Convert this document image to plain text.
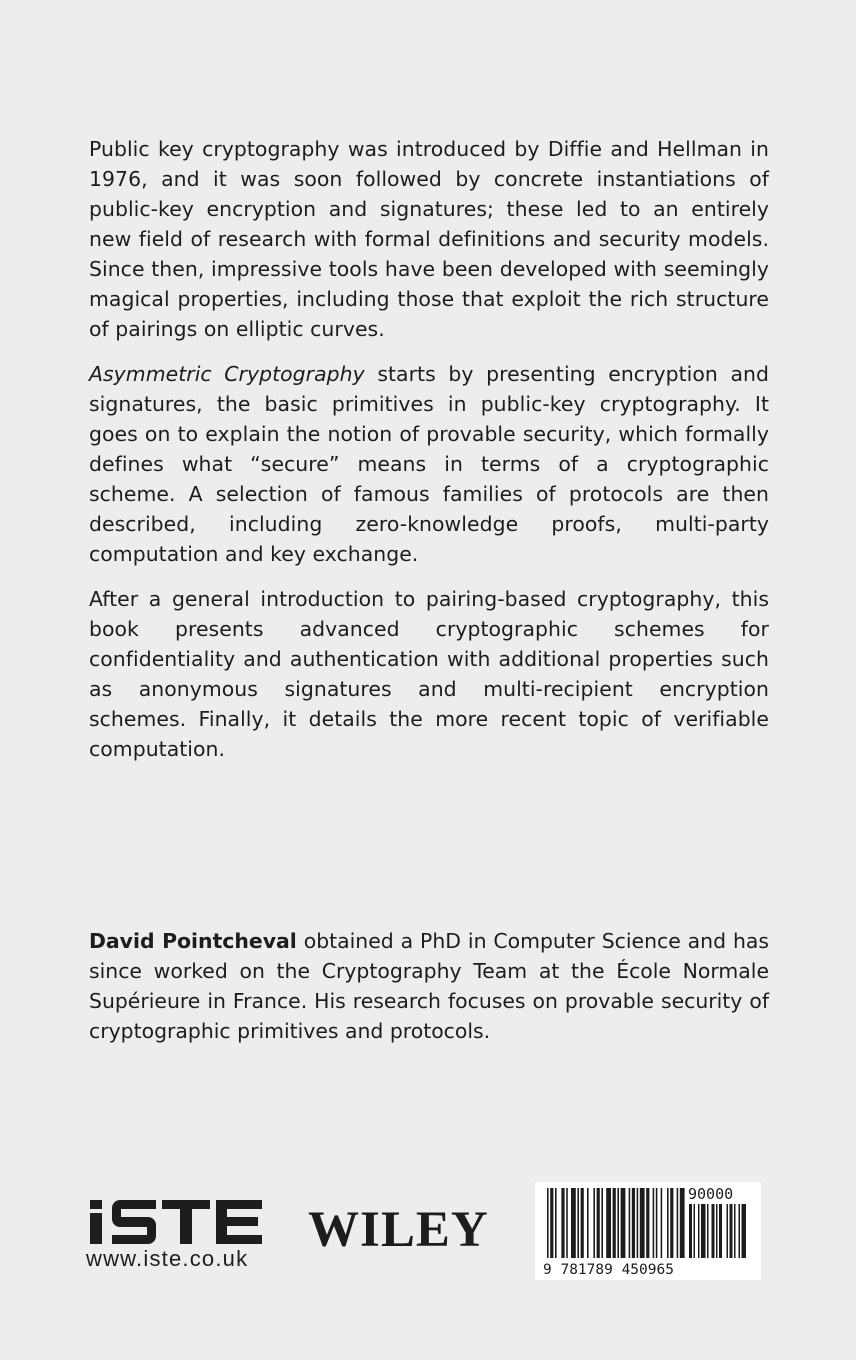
Public key cryptography was introduced by Diffie and Hellman in 1976, and it was soon followed by concrete instantiations of public-key encryption and signatures; these led to an entirely new field of research with formal definitions and security models. Since then, impressive tools have been developed with seemingly magical properties, including those that exploit the rich structure of pairings on elliptic curves.

Asymmetric Cryptography starts by presenting encryption and signatures, the basic primitives in public-key cryptography. It goes on to explain the notion of provable security, which formally defines what “secure” means in terms of a cryptographic scheme. A selection of famous families of protocols are then described, including zero-knowledge proofs, multi-party computation and key exchange.

After a general introduction to pairing-based cryptography, this book presents advanced cryptographic schemes for confidentiality and authentication with additional properties such as anonymous signatures and multi-recipient encryption schemes. Finally, it details the more recent topic of verifiable computation.

David Pointcheval obtained a PhD in Computer Science and has since worked on the Cryptography Team at the École Normale Supérieure in France. His research focuses on provable security of cryptographic primitives and protocols.

www.iste.co.uk
WILEY
90000
9 781789 450965
